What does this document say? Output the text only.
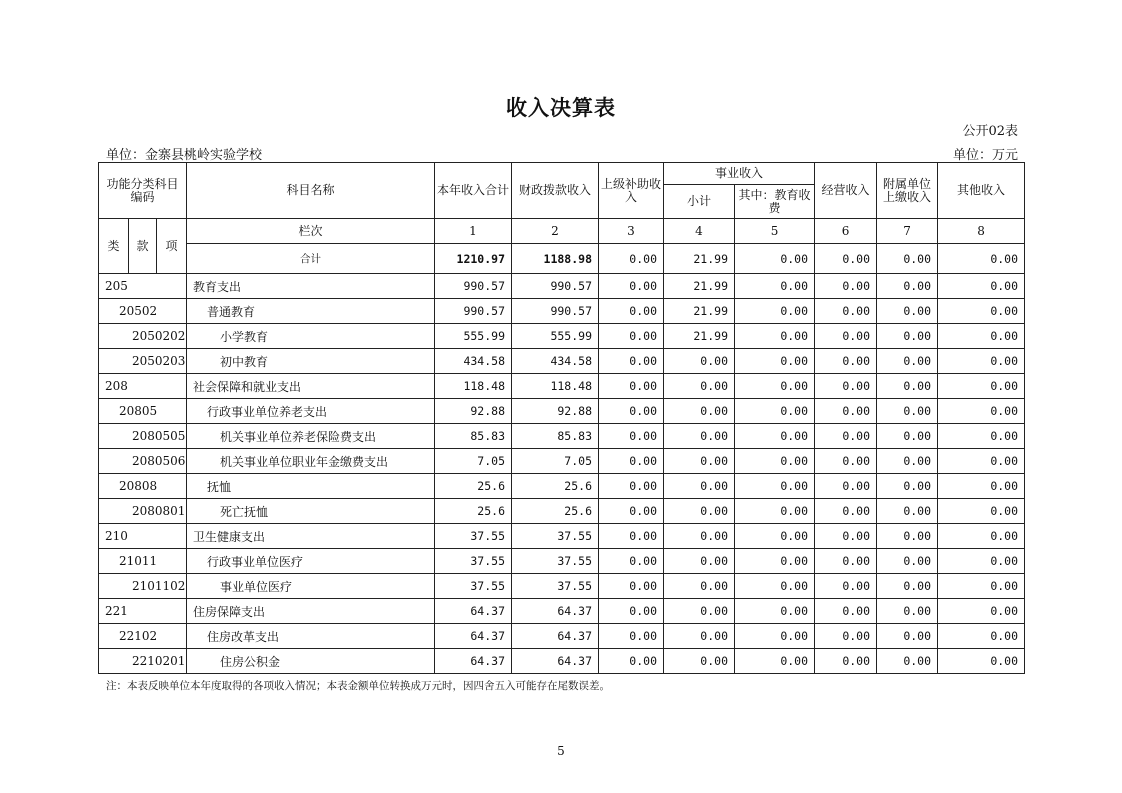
收入决算表
公开02表
单位：金寨县桃岭实验学校	单位：万元
功能分类科目编码			科目名称	本年收入合计	财政拨款收入	上级补助收入	事业收入		经营收入	附属单位上缴收入	其他收入
							小计	其中：教育收费			
类	款	项	栏次	1	2	3	4	5	6	7	8
			合计	1210.97	1188.98	0.00	21.99	0.00	0.00	0.00	0.00
205			教育支出	990.57	990.57	0.00	21.99	0.00	0.00	0.00	0.00
20502			普通教育	990.57	990.57	0.00	21.99	0.00	0.00	0.00	0.00
2050202			小学教育	555.99	555.99	0.00	21.99	0.00	0.00	0.00	0.00
2050203			初中教育	434.58	434.58	0.00	0.00	0.00	0.00	0.00	0.00
208			社会保障和就业支出	118.48	118.48	0.00	0.00	0.00	0.00	0.00	0.00
20805			行政事业单位养老支出	92.88	92.88	0.00	0.00	0.00	0.00	0.00	0.00
2080505			机关事业单位养老保险费支出	85.83	85.83	0.00	0.00	0.00	0.00	0.00	0.00
2080506			机关事业单位职业年金缴费支出	7.05	7.05	0.00	0.00	0.00	0.00	0.00	0.00
20808			抚恤	25.6	25.6	0.00	0.00	0.00	0.00	0.00	0.00
2080801			死亡抚恤	25.6	25.6	0.00	0.00	0.00	0.00	0.00	0.00
210			卫生健康支出	37.55	37.55	0.00	0.00	0.00	0.00	0.00	0.00
21011			行政事业单位医疗	37.55	37.55	0.00	0.00	0.00	0.00	0.00	0.00
2101102			事业单位医疗	37.55	37.55	0.00	0.00	0.00	0.00	0.00	0.00
221			住房保障支出	64.37	64.37	0.00	0.00	0.00	0.00	0.00	0.00
22102			住房改革支出	64.37	64.37	0.00	0.00	0.00	0.00	0.00	0.00
2210201			住房公积金	64.37	64.37	0.00	0.00	0.00	0.00	0.00	0.00
注：本表反映单位本年度取得的各项收入情况；本表金额单位转换成万元时，因四舍五入可能存在尾数误差。
5
